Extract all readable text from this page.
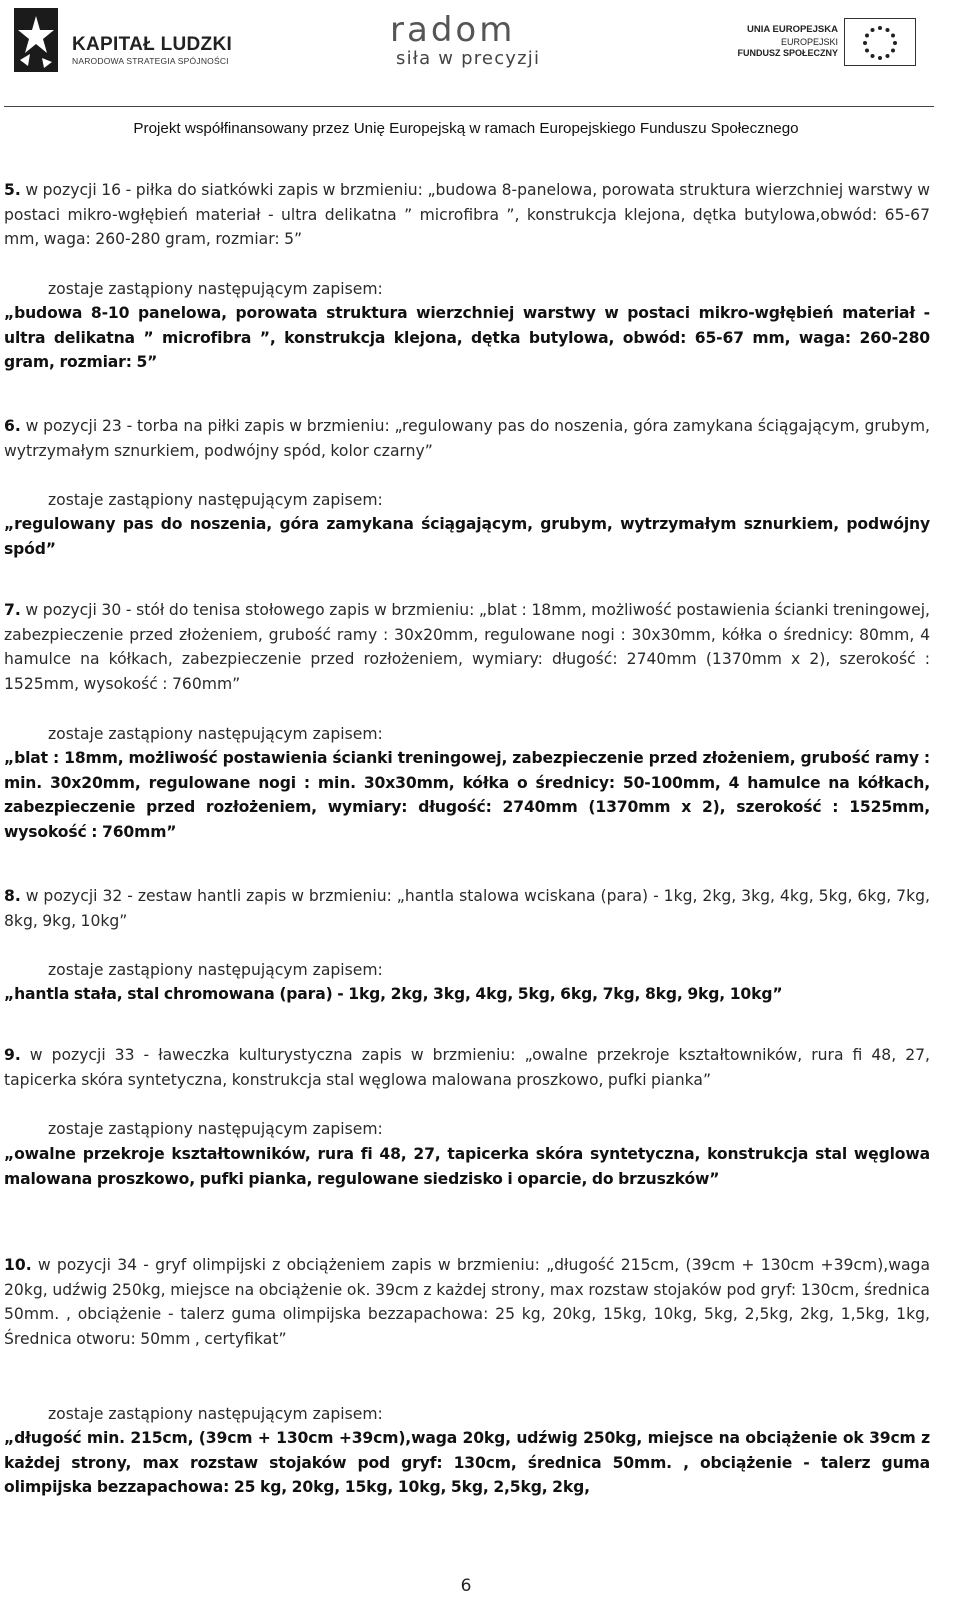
KAPITAŁ LUDZKI
NARODOWA STRATEGIA SPÓJNOŚCI
radom
siła w precyzji
UNIA EUROPEJSKA
EUROPEJSKI
FUNDUSZ SPOŁECZNY
Projekt współfinansowany przez Unię Europejską w ramach Europejskiego Funduszu Społecznego
5. w pozycji 16 - piłka do siatkówki zapis w brzmieniu: „budowa 8-panelowa, porowata struktura wierzchniej warstwy w postaci mikro-wgłębień materiał - ultra delikatna ” microfibra ”, konstrukcja klejona, dętka butylowa,obwód: 65-67 mm, waga: 260-280 gram, rozmiar: 5”
zostaje zastąpiony następującym zapisem:
„budowa 8-10 panelowa, porowata struktura wierzchniej warstwy w postaci mikro-wgłębień materiał - ultra delikatna ” microfibra ”, konstrukcja klejona, dętka butylowa, obwód: 65-67 mm, waga: 260-280 gram, rozmiar: 5”
6. w pozycji 23 - torba na piłki zapis w brzmieniu: „regulowany pas do noszenia, góra zamykana ściągającym, grubym, wytrzymałym sznurkiem, podwójny spód, kolor czarny”
zostaje zastąpiony następującym zapisem:
„regulowany pas do noszenia, góra zamykana ściągającym, grubym, wytrzymałym sznurkiem, podwójny spód”
7. w pozycji 30 - stół do tenisa stołowego zapis w brzmieniu: „blat : 18mm, możliwość postawienia ścianki treningowej, zabezpieczenie przed złożeniem, grubość ramy : 30x20mm, regulowane nogi : 30x30mm, kółka o średnicy: 80mm, 4 hamulce na kółkach, zabezpieczenie przed rozłożeniem, wymiary: długość: 2740mm (1370mm x 2), szerokość : 1525mm, wysokość : 760mm”
zostaje zastąpiony następującym zapisem:
„blat : 18mm, możliwość postawienia ścianki treningowej, zabezpieczenie przed złożeniem, grubość ramy : min. 30x20mm, regulowane nogi : min. 30x30mm, kółka o średnicy: 50-100mm, 4 hamulce na kółkach, zabezpieczenie przed rozłożeniem, wymiary: długość: 2740mm (1370mm x 2), szerokość : 1525mm, wysokość : 760mm”
8. w pozycji 32 - zestaw hantli zapis w brzmieniu: „hantla stalowa wciskana (para) - 1kg, 2kg, 3kg, 4kg, 5kg, 6kg, 7kg, 8kg, 9kg, 10kg”
zostaje zastąpiony następującym zapisem:
„hantla stała, stal chromowana (para) - 1kg, 2kg, 3kg, 4kg, 5kg, 6kg, 7kg, 8kg, 9kg, 10kg”
9. w pozycji 33 - ławeczka kulturystyczna zapis w brzmieniu: „owalne przekroje kształtowników, rura fi 48, 27, tapicerka skóra syntetyczna, konstrukcja stal węglowa malowana proszkowo, pufki pianka”
zostaje zastąpiony następującym zapisem:
„owalne przekroje kształtowników, rura fi 48, 27, tapicerka skóra syntetyczna, konstrukcja stal węglowa malowana proszkowo, pufki pianka, regulowane siedzisko i oparcie, do brzuszków”
10. w pozycji 34 - gryf olimpijski z obciążeniem zapis w brzmieniu: „długość 215cm, (39cm + 130cm +39cm),waga 20kg, udźwig 250kg, miejsce na obciążenie ok. 39cm z każdej strony, max rozstaw stojaków pod gryf: 130cm, średnica 50mm. , obciążenie - talerz guma olimpijska bezzapachowa: 25 kg, 20kg, 15kg, 10kg, 5kg, 2,5kg, 2kg, 1,5kg, 1kg, Średnica otworu: 50mm , certyfikat”
zostaje zastąpiony następującym zapisem:
„długość min. 215cm, (39cm + 130cm +39cm),waga 20kg, udźwig 250kg, miejsce na obciążenie ok 39cm z każdej strony, max rozstaw stojaków pod gryf: 130cm, średnica 50mm. , obciążenie - talerz guma olimpijska bezzapachowa: 25 kg, 20kg, 15kg, 10kg, 5kg, 2,5kg, 2kg,
6
